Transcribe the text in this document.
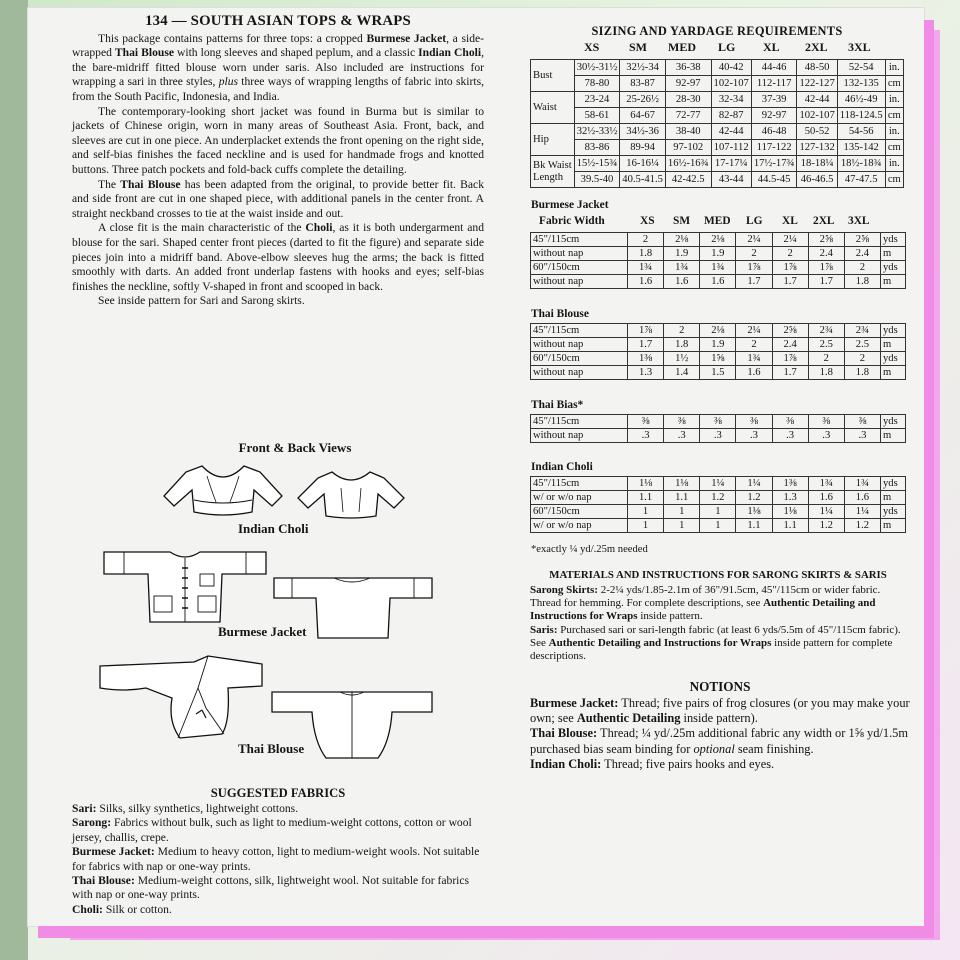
134 — SOUTH ASIAN TOPS & WRAPS

This package contains patterns for three tops: a cropped Burmese Jacket, a side-wrapped Thai Blouse with long sleeves and shaped peplum, and a classic Indian Choli, the bare-midriff fitted blouse worn under saris. Also included are instructions for wrapping a sari in three styles, plus three ways of wrapping lengths of fabric into skirts, from the South Pacific, Indonesia, and India.

The contemporary-looking short jacket was found in Burma but is similar to jackets of Chinese origin, worn in many areas of Southeast Asia. Front, back, and sleeves are cut in one piece. An underplacket extends the front opening on the right side, and self-bias finishes the faced neckline and is used for handmade frogs and knotted buttons. Three patch pockets and fold-back cuffs complete the detailing.

The Thai Blouse has been adapted from the original, to provide better fit. Back and side front are cut in one shaped piece, with additional panels in the center front. A straight neckband crosses to tie at the waist inside and out.

A close fit is the main characteristic of the Choli, as it is both undergarment and blouse for the sari. Shaped center front pieces (darted to fit the figure) and separate side pieces join into a midriff band. Above-elbow sleeves hug the arms; the back is fitted smoothly with darts. An added front underlap fastens with hooks and eyes; self-bias finishes the neckline, softly V-shaped in front and scooped in back.

See inside pattern for Sari and Sarong skirts.

Front & Back Views
Indian Choli
Burmese Jacket
Thai Blouse
SUGGESTED FABRICS

Sari: Silks, silky synthetics, lightweight cottons.

Sarong: Fabrics without bulk, such as light to medium-weight cottons, cotton or wool jersey, challis, crepe.

Burmese Jacket: Medium to heavy cotton, light to medium-weight wools. Not suitable for fabrics with nap or one-way prints.

Thai Blouse: Medium-weight cottons, silk, lightweight wool. Not suitable for fabrics with nap or one-way prints.

Choli: Silk or cotton.

SIZING AND YARDAGE REQUIREMENTS
XS SM MED LG XL 2XL 3XL
Bust	30½-31½	32½-34	36-38	40-42	44-46	48-50	52-54	in.
	78-80	83-87	92-97	102-107	112-117	122-127	132-135	cm

Waist	23-24	25-26½	28-30	32-34	37-39	42-44	46½-49	in.
	58-61	64-67	72-77	82-87	92-97	102-107	118-124.5	cm

Hip	32½-33½	34½-36	38-40	42-44	46-48	50-52	54-56	in.
	83-86	89-94	97-102	107-112	117-122	127-132	135-142	cm

Bk Waist
Length	15½-15¾	16-16¼	16½-16¾	17-17¼	17½-17¾	18-18¼	18½-18¾	in.
	39.5-40	40.5-41.5	42-42.5	43-44	44.5-45	46-46.5	47-47.5	cm
Burmese Jacket
Fabric Width	XS SM MED LG XL 2XL 3XL
45"/115cm	2	2⅛	2⅛	2¼	2¼	2⅝	2⅝	yds
without nap	1.8	1.9	1.9	2	2	2.4	2.4	m
60"/150cm	1¾	1¾	1¾	1⅞	1⅞	1⅞	2	yds
without nap	1.6	1.6	1.6	1.7	1.7	1.7	1.8	m
Thai Blouse
45"/115cm	1⅞	2	2⅛	2¼	2⅝	2¾	2¾	yds
without nap	1.7	1.8	1.9	2	2.4	2.5	2.5	m
60"/150cm	1⅜	1½	1⅝	1¾	1⅞	2	2	yds
without nap	1.3	1.4	1.5	1.6	1.7	1.8	1.8	m
Thai Bias*
45"/115cm	⅜	⅜	⅜	⅜	⅜	⅜	⅜	yds
without nap	.3	.3	.3	.3	.3	.3	.3	m
Indian Choli
45"/115cm	1⅛	1⅛	1¼	1¼	1⅜	1¾	1¾	yds
w/ or w/o nap	1.1	1.1	1.2	1.2	1.3	1.6	1.6	m
60"/150cm	1	1	1	1⅛	1⅛	1¼	1¼	yds
w/ or w/o nap	1	1	1	1.1	1.1	1.2	1.2	m
*exactly ¼ yd/.25m needed
MATERIALS AND INSTRUCTIONS FOR SARONG SKIRTS & SARIS

Sarong Skirts: 2-2¼ yds/1.85-2.1m of 36"/91.5cm, 45"/115cm or wider fabric. Thread for hemming. For complete descriptions, see Authentic Detailing and Instructions for Wraps inside pattern.

Saris: Purchased sari or sari-length fabric (at least 6 yds/5.5m of 45"/115cm fabric). See Authentic Detailing and Instructions for Wraps inside pattern for complete descriptions.

NOTIONS

Burmese Jacket: Thread; five pairs of frog closures (or you may make your own; see Authentic Detailing inside pattern).

Thai Blouse: Thread; ¼ yd/.25m additional fabric any width or 1⅝ yd/1.5m purchased bias seam binding for optional seam finishing.

Indian Choli: Thread; five pairs hooks and eyes.
